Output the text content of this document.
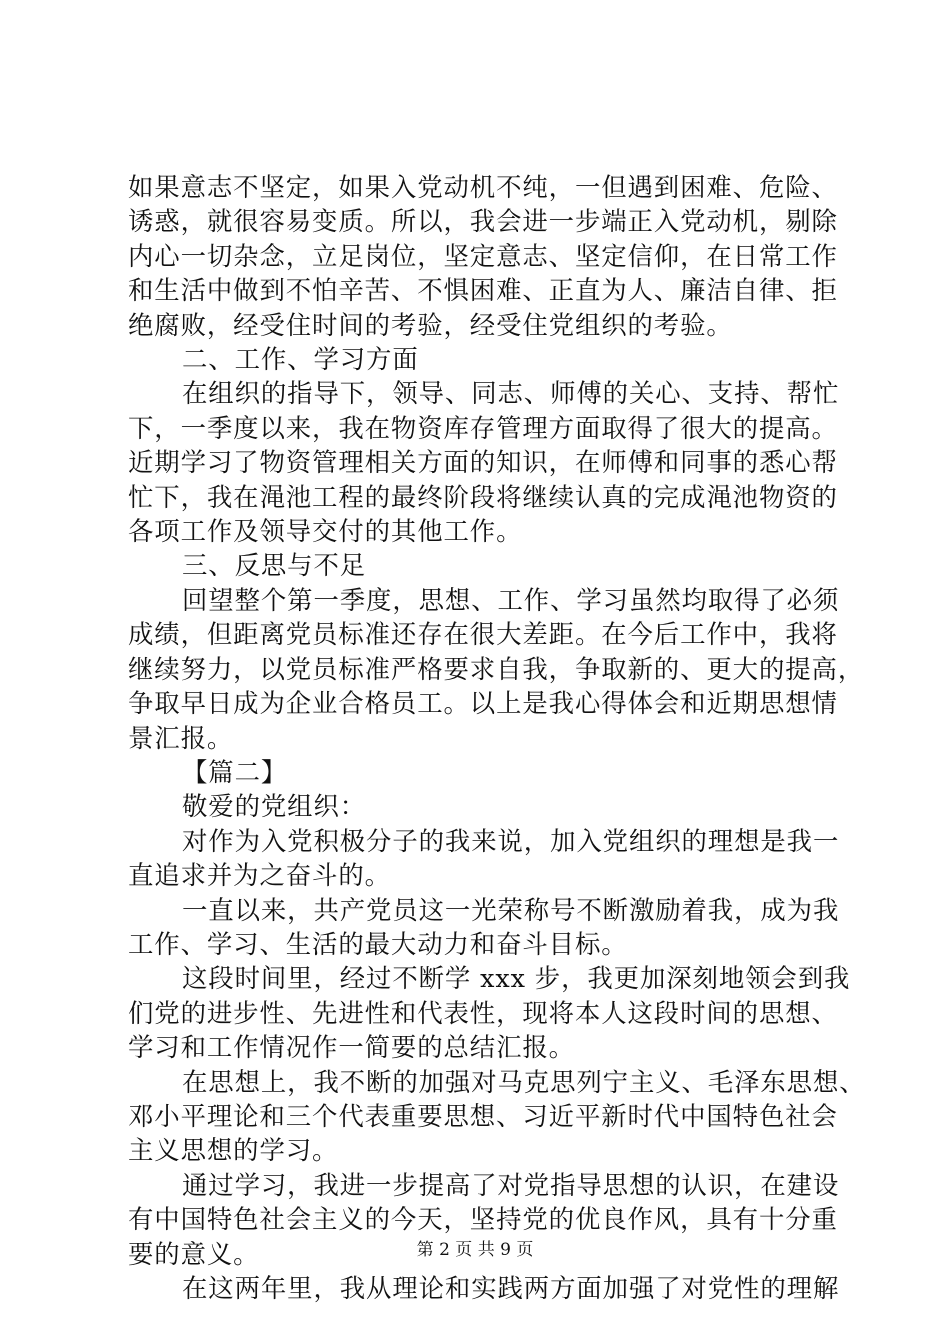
如果意志不坚定，如果入党动机不纯，一但遇到困难、危险、
诱惑，就很容易变质。所以，我会进一步端正入党动机，剔除
内心一切杂念，立足岗位，坚定意志、坚定信仰，在日常工作
和生活中做到不怕辛苦、不惧困难、正直为人、廉洁自律、拒
绝腐败，经受住时间的考验，经受住党组织的考验。
二、工作、学习方面
在组织的指导下，领导、同志、师傅的关心、支持、帮忙
下，一季度以来，我在物资库存管理方面取得了很大的提高。
近期学习了物资管理相关方面的知识，在师傅和同事的悉心帮
忙下，我在渑池工程的最终阶段将继续认真的完成渑池物资的
各项工作及领导交付的其他工作。
三、反思与不足
回望整个第一季度，思想、工作、学习虽然均取得了必须
成绩，但距离党员标准还存在很大差距。在今后工作中，我将
继续努力，以党员标准严格要求自我，争取新的、更大的提高，
争取早日成为企业合格员工。以上是我心得体会和近期思想情
景汇报。
【篇二】
敬爱的党组织：
对作为入党积极分子的我来说，加入党组织的理想是我一
直追求并为之奋斗的。
一直以来，共产党员这一光荣称号不断激励着我，成为我
工作、学习、生活的最大动力和奋斗目标。
这段时间里，经过不断学 xxx 步，我更加深刻地领会到我
们党的进步性、先进性和代表性，现将本人这段时间的思想、
学习和工作情况作一简要的总结汇报。
在思想上，我不断的加强对马克思列宁主义、毛泽东思想、
邓小平理论和三个代表重要思想、习近平新时代中国特色社会
主义思想的学习。
通过学习，我进一步提高了对党指导思想的认识，在建设
有中国特色社会主义的今天，坚持党的优良作风，具有十分重
要的意义。
在这两年里，我从理论和实践两方面加强了对党性的理解
第 2 页 共 9 页
